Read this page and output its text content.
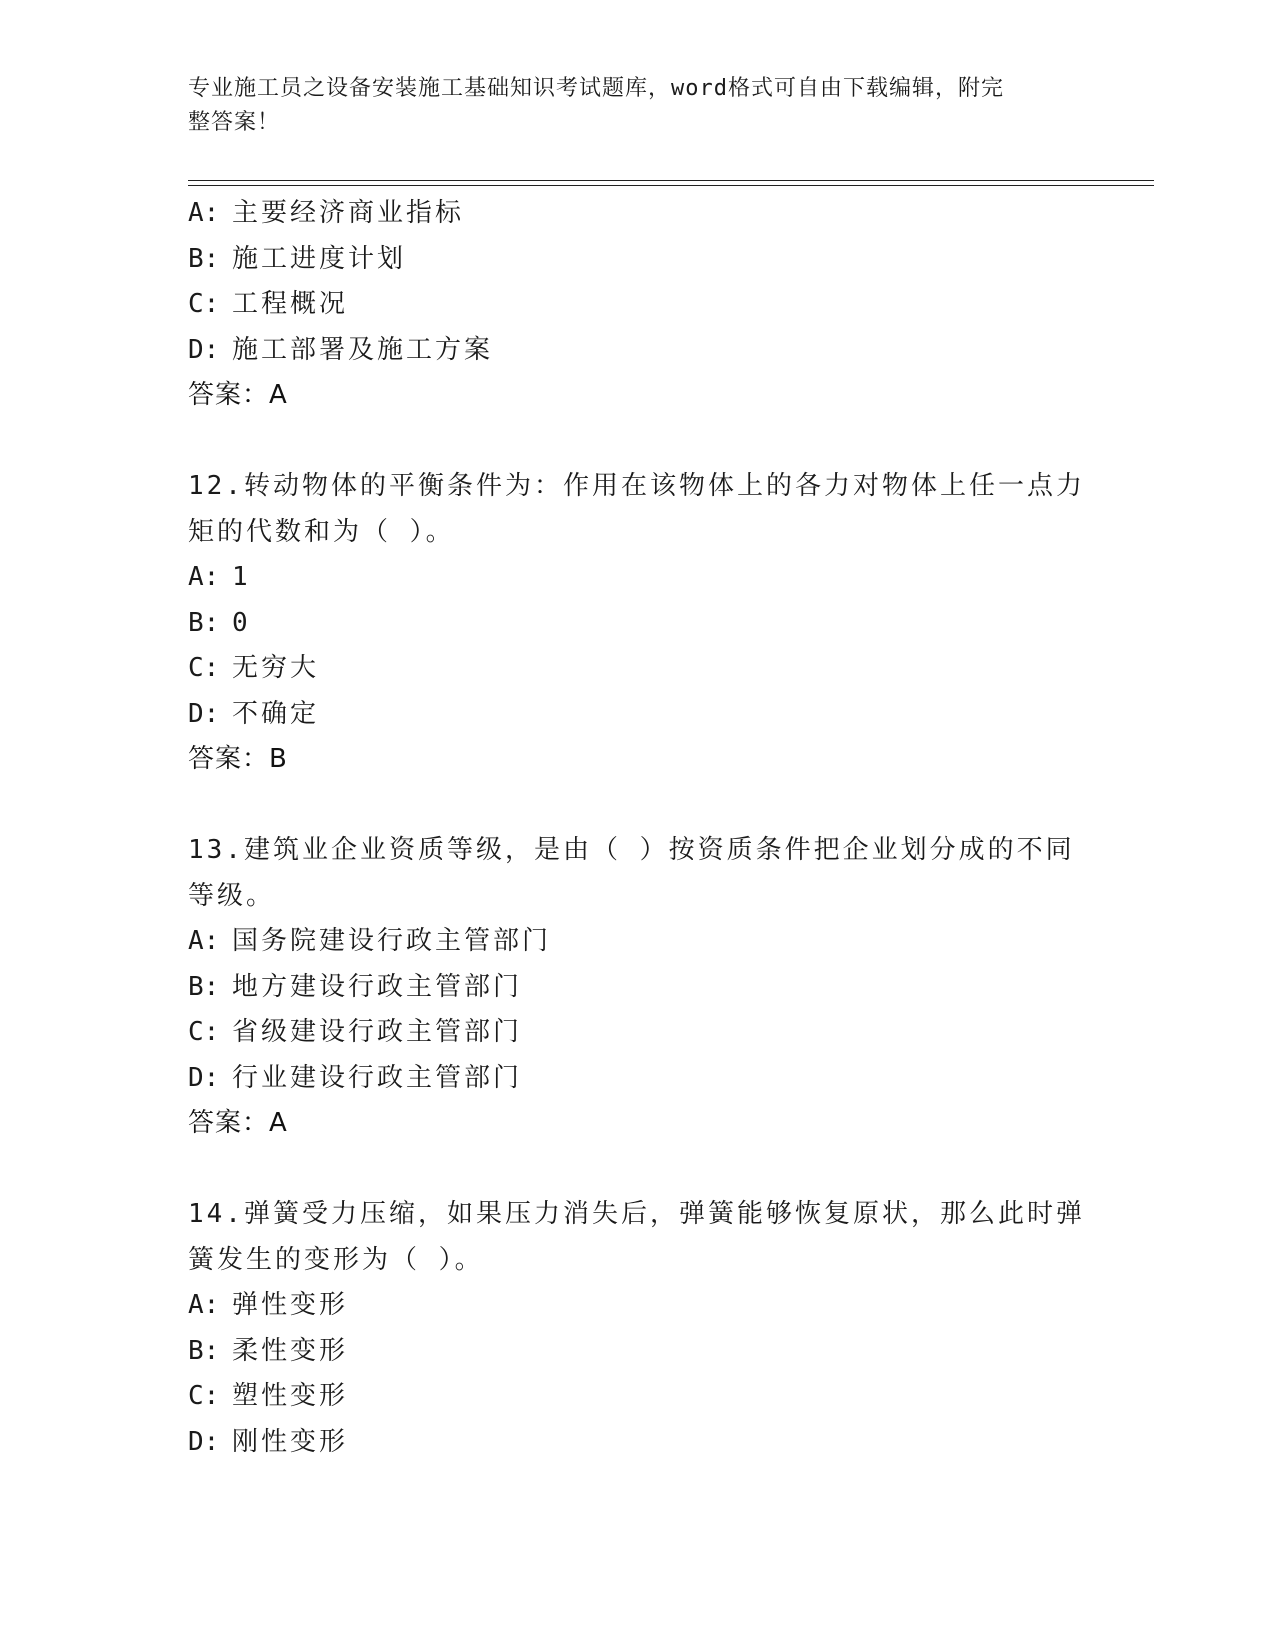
专业施工员之设备安装施工基础知识考试题库，word格式可自由下载编辑，附完
整答案！
A: 主要经济商业指标
B: 施工进度计划
C: 工程概况
D: 施工部署及施工方案
答案：A
12.转动物体的平衡条件为：作用在该物体上的各力对物体上任一点力
矩的代数和为（ ）。
A: 1
B: 0
C: 无穷大
D: 不确定
答案：B
13.建筑业企业资质等级，是由（ ）按资质条件把企业划分成的不同
等级。
A: 国务院建设行政主管部门
B: 地方建设行政主管部门
C: 省级建设行政主管部门
D: 行业建设行政主管部门
答案：A
14.弹簧受力压缩，如果压力消失后，弹簧能够恢复原状，那么此时弹
簧发生的变形为（ ）。
A: 弹性变形
B: 柔性变形
C: 塑性变形
D: 刚性变形
